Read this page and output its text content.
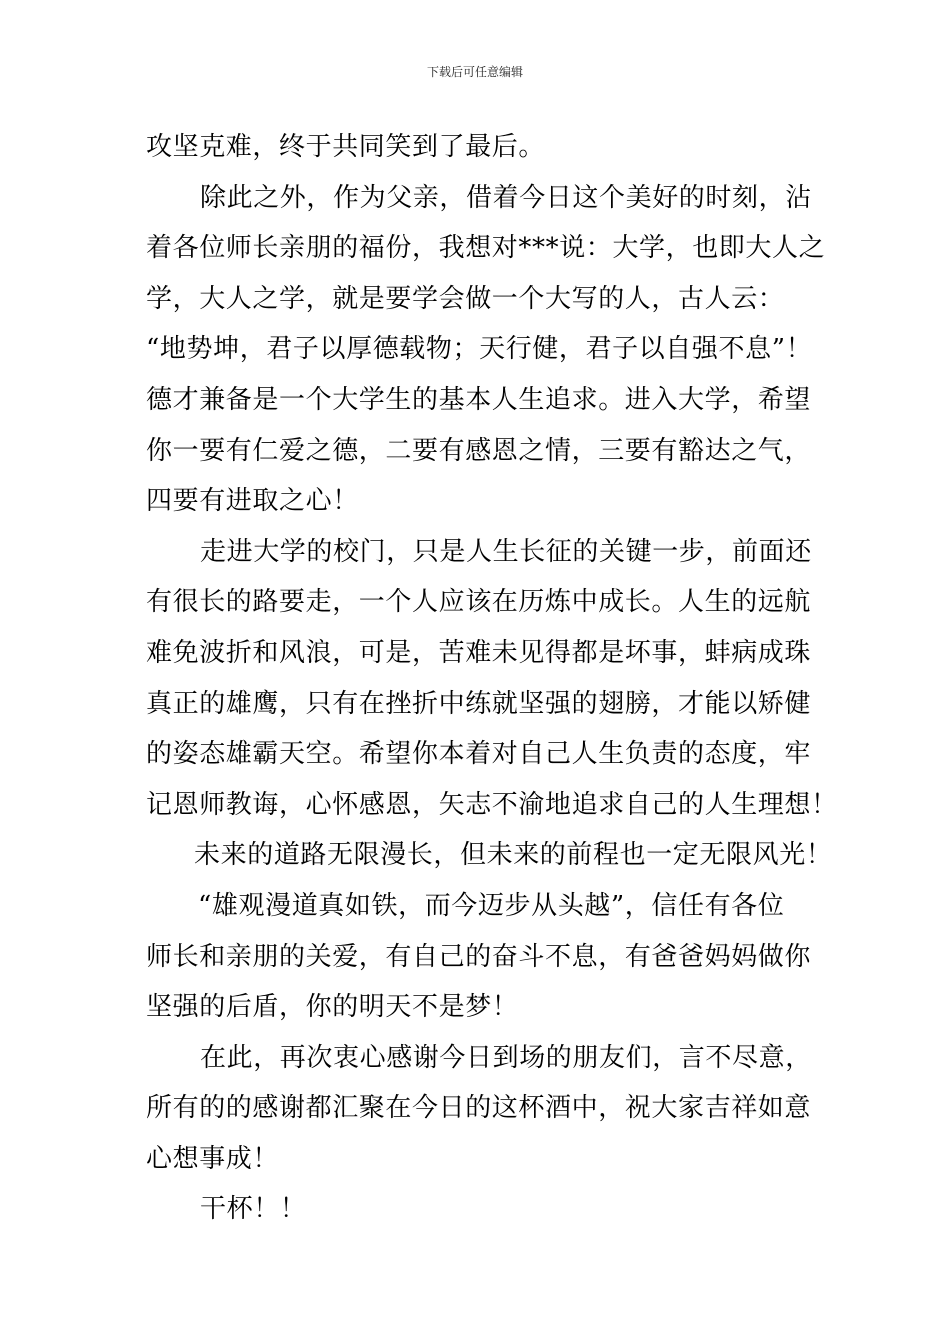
下载后可任意编辑
攻坚克难，终于共同笑到了最后。
除此之外，作为父亲，借着今日这个美好的时刻，沾
着各位师长亲朋的福份，我想对***说：大学，也即大人之
学，大人之学，就是要学会做一个大写的人，古人云：
“地势坤，君子以厚德载物；天行健，君子以自强不息”！
德才兼备是一个大学生的基本人生追求。进入大学，希望
你一要有仁爱之德，二要有感恩之情，三要有豁达之气，
四要有进取之心！
走进大学的校门，只是人生长征的关键一步，前面还
有很长的路要走，一个人应该在历炼中成长。人生的远航
难免波折和风浪，可是，苦难未见得都是坏事，蚌病成珠
真正的雄鹰，只有在挫折中练就坚强的翅膀，才能以矫健
的姿态雄霸天空。希望你本着对自己人生负责的态度，牢
记恩师教诲，心怀感恩，矢志不渝地追求自己的人生理想！
未来的道路无限漫长，但未来的前程也一定无限风光！
“雄观漫道真如铁，而今迈步从头越”，信任有各位
师长和亲朋的关爱，有自己的奋斗不息，有爸爸妈妈做你
坚强的后盾，你的明天不是梦！
在此，再次衷心感谢今日到场的朋友们，言不尽意，
所有的的感谢都汇聚在今日的这杯酒中，祝大家吉祥如意
心想事成！
干杯！！
